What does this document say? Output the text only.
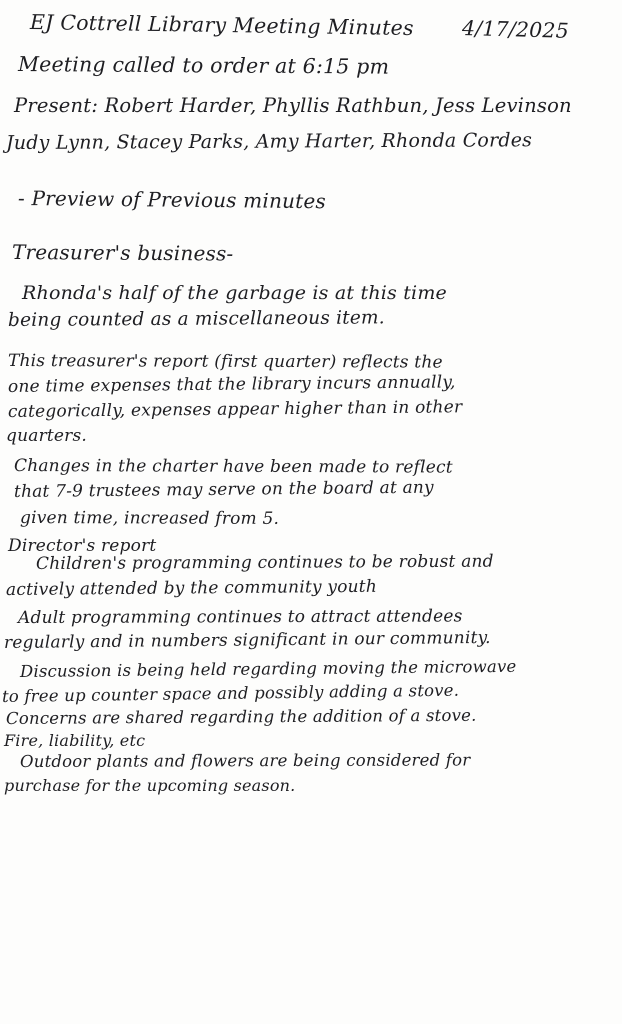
EJ Cottrell Library Meeting Minutes 4/17/2025
Meeting called to order at 6:15 pm
Present: Robert Harder, Phyllis Rathbun, Jess Levinson
Judy Lynn, Stacey Parks, Amy Harter, Rhonda Cordes
- Preview of Previous minutes
Treasurer's business-
Rhonda's half of the garbage is at this time
being counted as a miscellaneous item.
This treasurer's report (first quarter) reflects the
one time expenses that the library incurs annually,
categorically, expenses appear higher than in other
quarters.
Changes in the charter have been made to reflect
that 7-9 trustees may serve on the board at any
given time, increased from 5.
Director's report
Children's programming continues to be robust and
actively attended by the community youth
Adult programming continues to attract attendees
regularly and in numbers significant in our community.
Discussion is being held regarding moving the microwave
to free up counter space and possibly adding a stove.
Concerns are shared regarding the addition of a stove.
Fire, liability, etc
Outdoor plants and flowers are being considered for
purchase for the upcoming season.
